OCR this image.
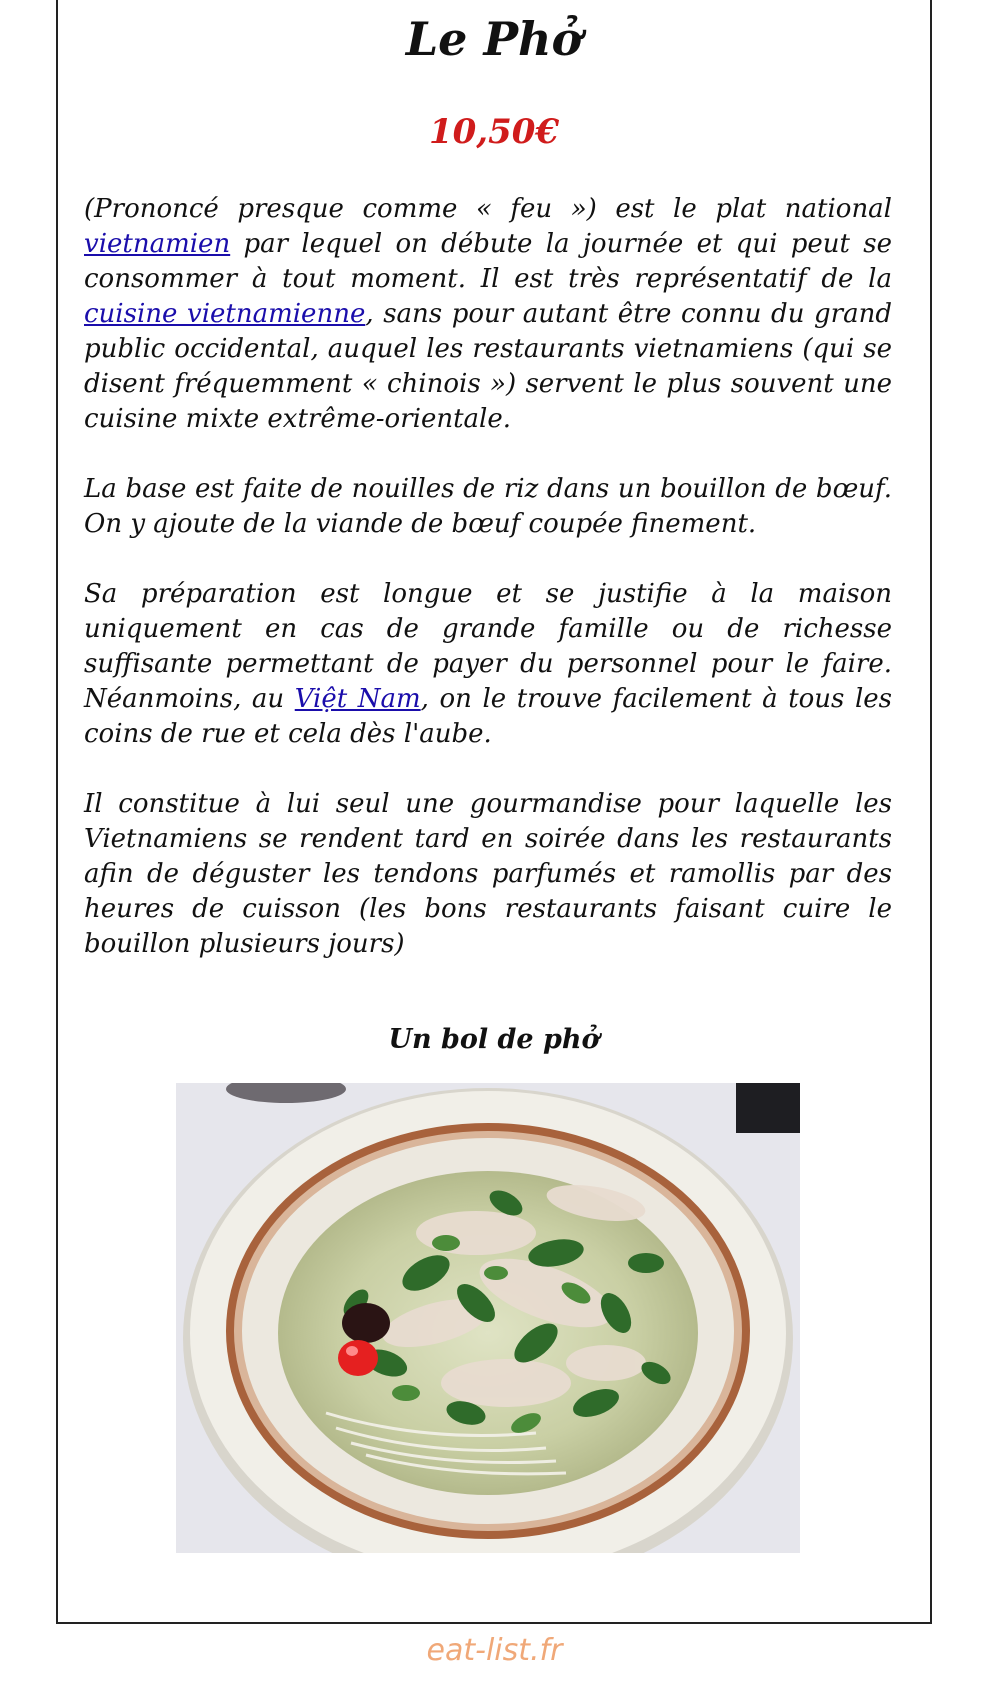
Le Phở
10,50€

(Prononcé presque comme « feu ») est le plat national vietnamien par lequel on débute la journée et qui peut se consommer à tout moment. Il est très représentatif de la cuisine vietnamienne, sans pour autant être connu du grand public occidental, auquel les restaurants vietnamiens (qui se disent fréquemment « chinois ») servent le plus souvent une cuisine mixte extrême-orientale.

La base est faite de nouilles de riz dans un bouillon de bœuf. On y ajoute de la viande de bœuf coupée finement.

Sa préparation est longue et se justifie à la maison uniquement en cas de grande famille ou de richesse suffisante permettant de payer du personnel pour le faire. Néanmoins, au Việt Nam, on le trouve facilement à tous les coins de rue et cela dès l'aube.

Il constitue à lui seul une gourmandise pour laquelle les Vietnamiens se rendent tard en soirée dans les restaurants afin de déguster les tendons parfumés et ramollis par des heures de cuisson (les bons restaurants faisant cuire le bouillon plusieurs jours)

Un bol de phở
eat-list.fr
